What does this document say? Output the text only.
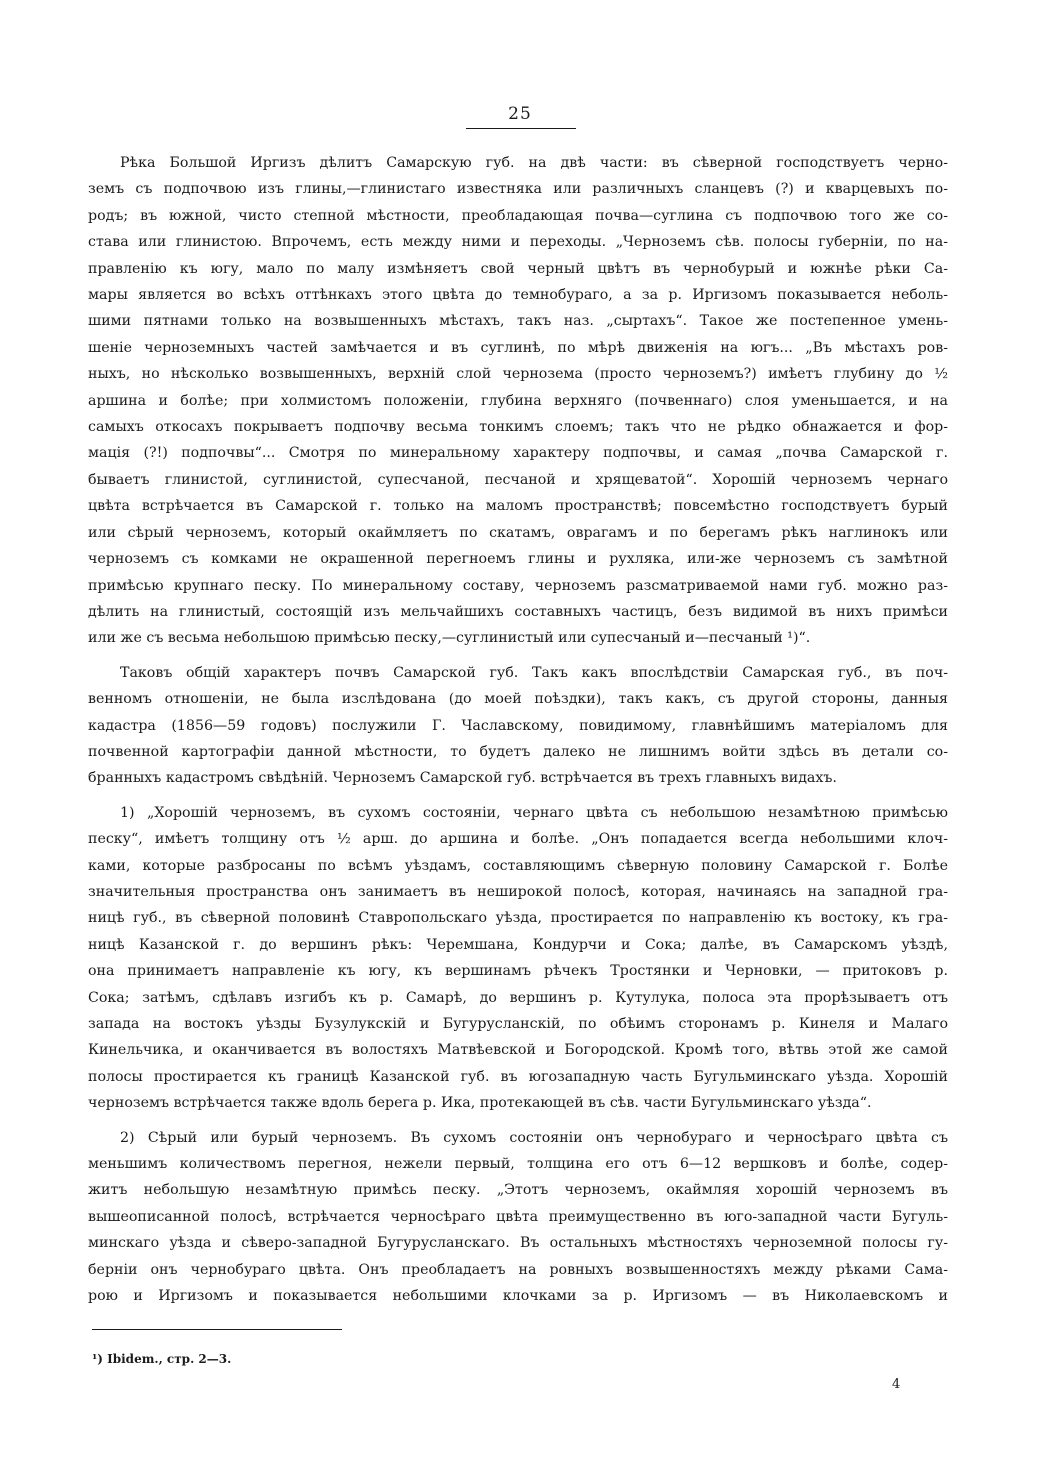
25
Рѣка Большой Иргизъ дѣлитъ Самарскую губ. на двѣ части: въ сѣверной господствуетъ черно-
земъ съ подпочвою изъ глины,—глинистаго известняка или различныхъ сланцевъ (?) и кварцевыхъ по-
родъ; въ южной, чисто степной мѣстности, преобладающая почва—суглина съ подпочвою того же со-
става или глинистою. Впрочемъ, есть между ними и переходы. „Черноземъ сѣв. полосы губерніи, по на-
правленію къ югу, мало по малу измѣняетъ свой черный цвѣтъ въ чернобурый и южнѣе рѣки Са-
мары является во всѣхъ оттѣнкахъ этого цвѣта до темнобураго, а за р. Иргизомъ показывается неболь-
шими пятнами только на возвышенныхъ мѣстахъ, такъ наз. „сыртахъ“. Такое же постепенное умень-
шеніе черноземныхъ частей замѣчается и въ суглинѣ, по мѣрѣ движенія на югъ... „Въ мѣстахъ ров-
ныхъ, но нѣсколько возвышенныхъ, верхній слой чернозема (просто черноземъ?) имѣетъ глубину до ½
аршина и болѣе; при холмистомъ положеніи, глубина верхняго (почвеннаго) слоя уменьшается, и на
самыхъ откосахъ покрываетъ подпочву весьма тонкимъ слоемъ; такъ что не рѣдко обнажается и фор-
мація (?!) подпочвы“... Смотря по минеральному характеру подпочвы, и самая „почва Самарской г.
бываетъ глинистой, суглинистой, супесчаной, песчаной и хрящеватой“. Хорошій черноземъ чернаго
цвѣта встрѣчается въ Самарской г. только на маломъ пространствѣ; повсемѣстно господствуетъ бурый
или сѣрый черноземъ, который окаймляетъ по скатамъ, оврагамъ и по берегамъ рѣкъ наглинокъ или
черноземъ съ комками не окрашенной перегноемъ глины и рухляка, или-же черноземъ съ замѣтной
примѣсью крупнаго песку. По минеральному составу, черноземъ разсматриваемой нами губ. можно раз-
дѣлить на глинистый, состоящій изъ мельчайшихъ составныхъ частицъ, безъ видимой въ нихъ примѣси
или же съ весьма небольшою примѣсью песку,—суглинистый или супесчаный и—песчаный ¹)“.
Таковъ общій характеръ почвъ Самарской губ. Такъ какъ впослѣдствіи Самарская губ., въ поч-
венномъ отношеніи, не была изслѣдована (до моей поѣздки), такъ какъ, съ другой стороны, данныя
кадастра (1856—59 годовъ) послужили Г. Чаславскому, повидимому, главнѣйшимъ матеріаломъ для
почвенной картографіи данной мѣстности, то будетъ далеко не лишнимъ войти здѣсь въ детали со-
бранныхъ кадастромъ свѣдѣній. Черноземъ Самарской губ. встрѣчается въ трехъ главныхъ видахъ.
1) „Хорошій черноземъ, въ сухомъ состояніи, чернаго цвѣта съ небольшою незамѣтною примѣсью
песку“, имѣетъ толщину отъ ½ арш. до аршина и болѣе. „Онъ попадается всегда небольшими клоч-
ками, которые разбросаны по всѣмъ уѣздамъ, составляющимъ сѣверную половину Самарской г. Болѣе
значительныя пространства онъ занимаетъ въ неширокой полосѣ, которая, начинаясь на западной гра-
ницѣ губ., въ сѣверной половинѣ Ставропольскаго уѣзда, простирается по направленію къ востоку, къ гра-
ницѣ Казанской г. до вершинъ рѣкъ: Черемшана, Кондурчи и Сока; далѣе, въ Самарскомъ уѣздѣ,
она принимаетъ направленіе къ югу, къ вершинамъ рѣчекъ Тростянки и Черновки, — притоковъ р.
Сока; затѣмъ, сдѣлавъ изгибъ къ р. Самарѣ, до вершинъ р. Кутулука, полоса эта прорѣзываетъ отъ
запада на востокъ уѣзды Бузулукскій и Бугурусланскій, по обѣимъ сторонамъ р. Кинеля и Малаго
Кинельчика, и оканчивается въ волостяхъ Матвѣевской и Богородской. Кромѣ того, вѣтвь этой же самой
полосы простирается къ границѣ Казанской губ. въ югозападную часть Бугульминскаго уѣзда. Хорошій
черноземъ встрѣчается также вдоль берега р. Ика, протекающей въ сѣв. части Бугульминскаго уѣзда“.
2) Сѣрый или бурый черноземъ. Въ сухомъ состояніи онъ чернобураго и черносѣраго цвѣта съ
меньшимъ количествомъ перегноя, нежели первый, толщина его отъ 6—12 вершковъ и болѣе, содер-
житъ небольшую незамѣтную примѣсь песку. „Этотъ черноземъ, окаймляя хорошій черноземъ въ
вышеописанной полосѣ, встрѣчается черносѣраго цвѣта преимущественно въ юго-западной части Бугуль-
минскаго уѣзда и сѣверо-западной Бугурусланскаго. Въ остальныхъ мѣстностяхъ черноземной полосы гу-
берніи онъ чернобураго цвѣта. Онъ преобладаетъ на ровныхъ возвышенностяхъ между рѣками Сама-
рою и Иргизомъ и показывается небольшими клочками за р. Иргизомъ — въ Николаевскомъ и
¹) Ibidem., стр. 2—3.
4
